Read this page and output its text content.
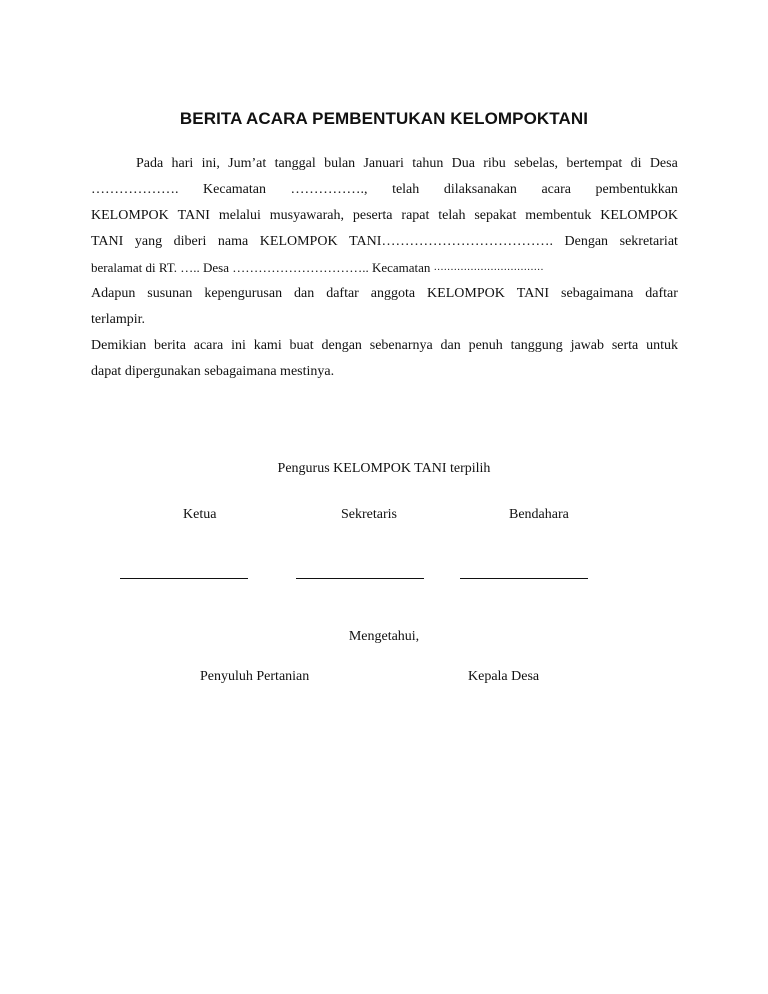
BERITA ACARA PEMBENTUKAN KELOMPOKTANI
Pada hari ini, Jum’at tanggal bulan Januari tahun Dua ribu sebelas, bertempat di Desa
………………. Kecamatan ……………., telah dilaksanakan acara pembentukkan
KELOMPOK TANI melalui musyawarah, peserta rapat telah sepakat membentuk KELOMPOK
TANI yang diberi nama KELOMPOK TANI………………………………. Dengan sekretariat
beralamat di RT. ….. Desa ………………………….. Kecamatan
……………………………
Adapun susunan kepengurusan dan daftar anggota KELOMPOK TANI sebagaimana daftar
terlampir.
Demikian berita acara ini kami buat dengan sebenarnya dan penuh tanggung jawab serta untuk
dapat dipergunakan sebagaimana mestinya.
Pengurus KELOMPOK TANI terpilih
Ketua	Sekretaris	Bendahara
Mengetahui,
Penyuluh Pertanian	Kepala Desa
